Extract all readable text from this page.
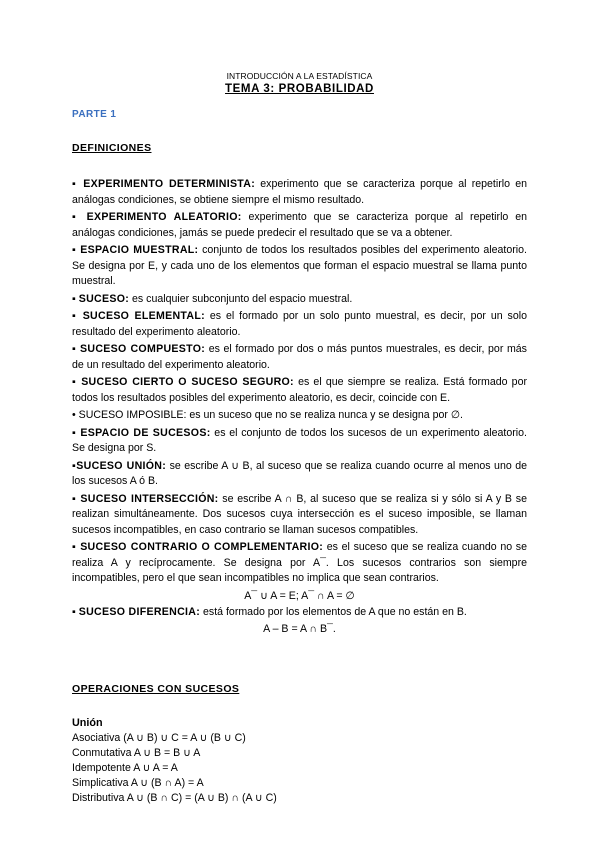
INTRODUCCIÓN A LA ESTADÍSTICA

TEMA 3: PROBABILIDAD

PARTE 1

DEFINICIONES

▪ EXPERIMENTO DETERMINISTA: experimento que se caracteriza porque al repetirlo en análogas condiciones, se obtiene siempre el mismo resultado.

▪ EXPERIMENTO ALEATORIO: experimento que se caracteriza porque al repetirlo en análogas condiciones, jamás se puede predecir el resultado que se va a obtener.

▪ ESPACIO MUESTRAL: conjunto de todos los resultados posibles del experimento aleatorio. Se designa por E, y cada uno de los elementos que forman el espacio muestral se llama punto muestral.

▪ SUCESO: es cualquier subconjunto del espacio muestral.

▪ SUCESO ELEMENTAL: es el formado por un solo punto muestral, es decir, por un solo resultado del experimento aleatorio.

▪ SUCESO COMPUESTO: es el formado por dos o más puntos muestrales, es decir, por más de un resultado del experimento aleatorio.

▪ SUCESO CIERTO O SUCESO SEGURO: es el que siempre se realiza. Está formado por todos los resultados posibles del experimento aleatorio, es decir, coincide con E.

• SUCESO IMPOSIBLE: es un suceso que no se realiza nunca y se designa por ∅.

▪ ESPACIO DE SUCESOS: es el conjunto de todos los sucesos de un experimento aleatorio. Se designa por S.

▪SUCESO UNIÓN: se escribe A ∪ B, al suceso que se realiza cuando ocurre al menos uno de los sucesos A ó B.

▪ SUCESO INTERSECCIÓN: se escribe A ∩ B, al suceso que se realiza si y sólo si A y B se realizan simultáneamente. Dos sucesos cuya intersección es el suceso imposible, se llaman sucesos incompatibles, en caso contrario se llaman sucesos compatibles.

▪ SUCESO CONTRARIO O COMPLEMENTARIO: es el suceso que se realiza cuando no se realiza A y recíprocamente. Se designa por A¯. Los sucesos contrarios son siempre incompatibles, pero el que sean incompatibles no implica que sean contrarios.

A¯ ∪ A = E; A¯ ∩ A = ∅

▪ SUCESO DIFERENCIA: está formado por los elementos de A que no están en B.

A – B = A ∩ B¯.

OPERACIONES CON SUCESOS

Unión

Asociativa (A ∪ B) ∪ C = A ∪ (B ∪ C)

Conmutativa A ∪ B = B ∪ A

Idempotente A ∪ A = A

Simplicativa A ∪ (B ∩ A) = A

Distributiva A ∪ (B ∩ C) = (A ∪ B) ∩ (A ∪ C)
